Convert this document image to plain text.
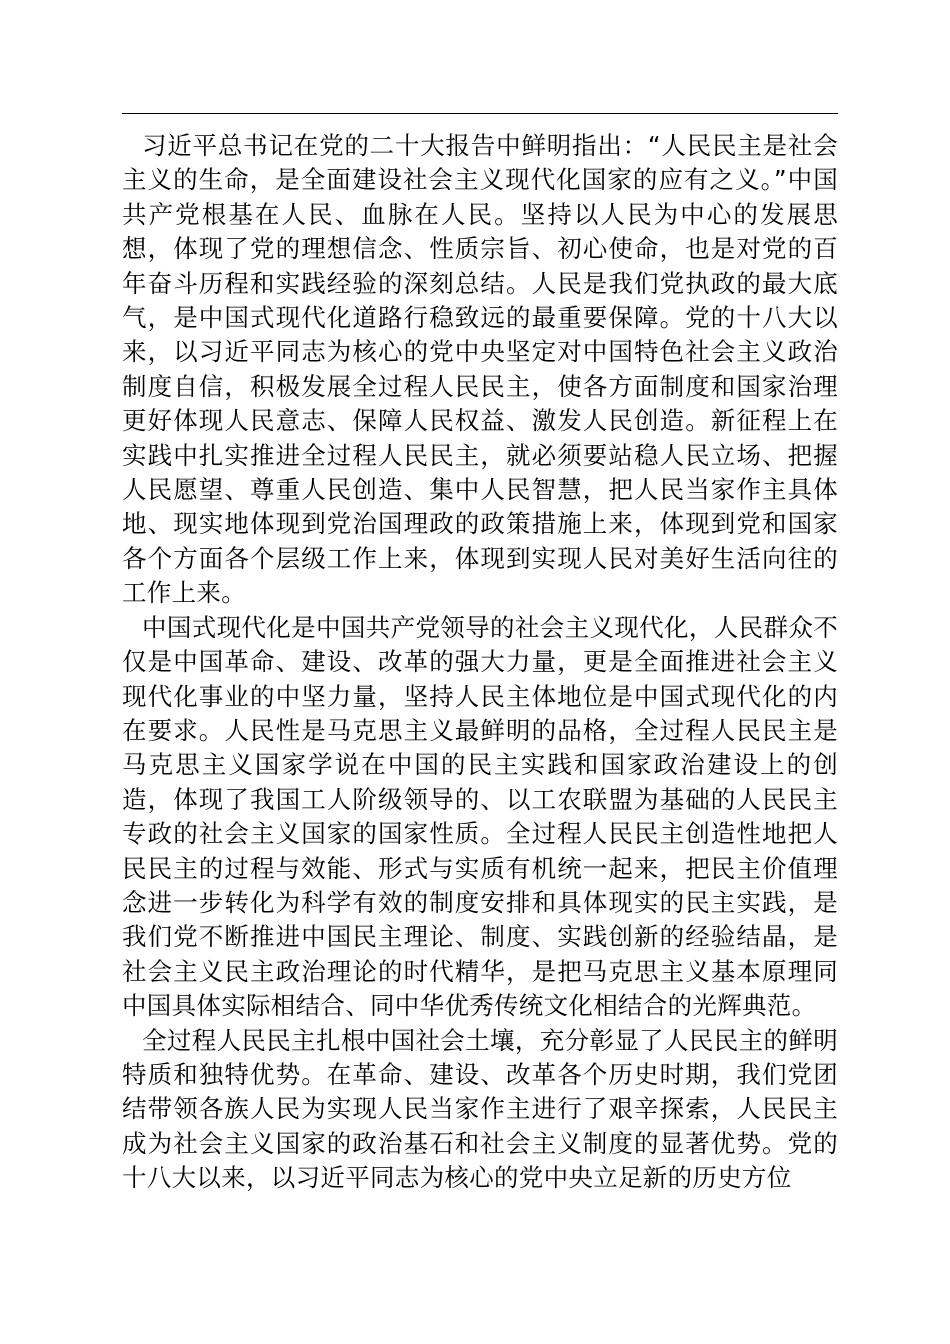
习近平总书记在党的二十大报告中鲜明指出：“人民民主是社会主义的生命，是全面建设社会主义现代化国家的应有之义。”中国共产党根基在人民、血脉在人民。坚持以人民为中心的发展思想，体现了党的理想信念、性质宗旨、初心使命，也是对党的百年奋斗历程和实践经验的深刻总结。人民是我们党执政的最大底气，是中国式现代化道路行稳致远的最重要保障。党的十八大以来，以习近平同志为核心的党中央坚定对中国特色社会主义政治制度自信，积极发展全过程人民民主，使各方面制度和国家治理更好体现人民意志、保障人民权益、激发人民创造。新征程上在实践中扎实推进全过程人民民主，就必须要站稳人民立场、把握人民愿望、尊重人民创造、集中人民智慧，把人民当家作主具体地、现实地体现到党治国理政的政策措施上来，体现到党和国家各个方面各个层级工作上来，体现到实现人民对美好生活向往的工作上来。

中国式现代化是中国共产党领导的社会主义现代化，人民群众不仅是中国革命、建设、改革的强大力量，更是全面推进社会主义现代化事业的中坚力量，坚持人民主体地位是中国式现代化的内在要求。人民性是马克思主义最鲜明的品格，全过程人民民主是马克思主义国家学说在中国的民主实践和国家政治建设上的创造，体现了我国工人阶级领导的、以工农联盟为基础的人民民主专政的社会主义国家的国家性质。全过程人民民主创造性地把人民民主的过程与效能、形式与实质有机统一起来，把民主价值理念进一步转化为科学有效的制度安排和具体现实的民主实践，是我们党不断推进中国民主理论、制度、实践创新的经验结晶，是社会主义民主政治理论的时代精华，是把马克思主义基本原理同中国具体实际相结合、同中华优秀传统文化相结合的光辉典范。

全过程人民民主扎根中国社会土壤，充分彰显了人民民主的鲜明特质和独特优势。在革命、建设、改革各个历史时期，我们党团结带领各族人民为实现人民当家作主进行了艰辛探索，人民民主成为社会主义国家的政治基石和社会主义制度的显著优势。党的十八大以来，以习近平同志为核心的党中央立足新的历史方位
